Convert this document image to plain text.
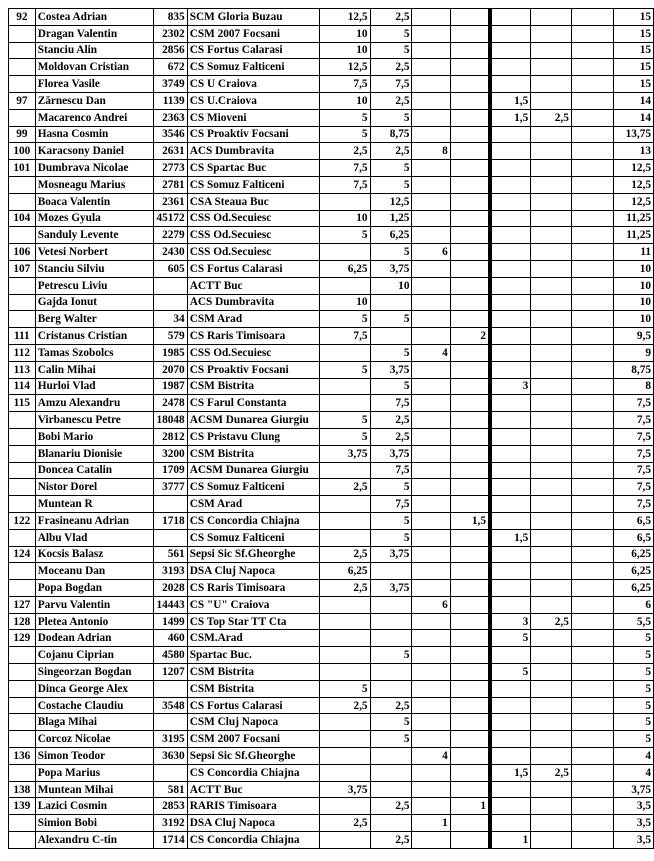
92	Costea Adrian	835	SCM Gloria Buzau	12,5	2,5						15
	Dragan Valentin	2302	CSM 2007 Focsani	10	5						15
	Stanciu Alin	2856	CS Fortus Calarasi	10	5						15
	Moldovan Cristian	672	CS Somuz Falticeni	12,5	2,5						15
	Florea Vasile	3749	CS U Craiova	7,5	7,5						15
97	Zărnescu Dan	1139	CS U.Craiova	10	2,5			1,5			14
	Macarenco Andrei	2363	CS Mioveni	5	5			1,5	2,5		14
99	Hasna Cosmin	3546	CS Proaktiv Focsani	5	8,75						13,75
100	Karacsony Daniel	2631	ACS Dumbravita	2,5	2,5	8					13
101	Dumbrava Nicolae	2773	CS Spartac Buc	7,5	5						12,5
	Mosneagu Marius	2781	CS Somuz Falticeni	7,5	5						12,5
	Boaca Valentin	2361	CSA Steaua Buc		12,5						12,5
104	Mozes Gyula	45172	CSS Od.Secuiesc	10	1,25						11,25
	Sanduly Levente	2279	CSS Od.Secuiesc	5	6,25						11,25
106	Vetesi Norbert	2430	CSS Od.Secuiesc		5	6					11
107	Stanciu Silviu	605	CS Fortus Calarasi	6,25	3,75						10
	Petrescu Liviu		ACTT Buc		10						10
	Gajda Ionut		ACS Dumbravita	10							10
	Berg Walter	34	CSM Arad	5	5						10
111	Cristanus Cristian	579	CS Raris Timisoara	7,5			2				9,5
112	Tamas Szobolcs	1985	CSS Od.Secuiesc		5	4					9
113	Calin Mihai	2070	CS Proaktiv Focsani	5	3,75						8,75
114	Hurloi Vlad	1987	CSM Bistrita		5			3			8
115	Amzu Alexandru	2478	CS Farul Constanta		7,5						7,5
	Virbanescu Petre	18048	ACSM Dunarea Giurgiu	5	2,5						7,5
	Bobi Mario	2812	CS Pristavu Clung	5	2,5						7,5
	Blanariu Dionisie	3200	CSM Bistrita	3,75	3,75						7,5
	Doncea Catalin	1709	ACSM Dunarea Giurgiu		7,5						7,5
	Nistor Dorel	3777	CS Somuz Falticeni	2,5	5						7,5
	Muntean R		CSM Arad		7,5						7,5
122	Frasineanu Adrian	1718	CS Concordia Chiajna		5		1,5				6,5
	Albu Vlad		CS Somuz Falticeni		5			1,5			6,5
124	Kocsis Balasz	561	Sepsi Sic Sf.Gheorghe	2,5	3,75						6,25
	Moceanu Dan	3193	DSA Cluj Napoca	6,25							6,25
	Popa Bogdan	2028	CS Raris Timisoara	2,5	3,75						6,25
127	Parvu Valentin	14443	CS "U" Craiova			6					6
128	Pletea Antonio	1499	CS Top Star TT Cta					3	2,5		5,5
129	Dodean Adrian	460	CSM.Arad					5			5
	Cojanu Ciprian	4580	Spartac Buc.		5						5
	Singeorzan Bogdan	1207	CSM Bistrita					5			5
	Dinca George Alex		CSM Bistrita	5							5
	Costache Claudiu	3548	CS Fortus Calarasi	2,5	2,5						5
	Blaga Mihai		CSM Cluj Napoca		5						5
	Corcoz Nicolae	3195	CSM 2007 Focsani		5						5
136	Simon Teodor	3630	Sepsi Sic Sf.Gheorghe			4					4
	Popa Marius		CS Concordia Chiajna					1,5	2,5		4
138	Muntean Mihai	581	ACTT Buc	3,75							3,75
139	Lazici Cosmin	2853	RARIS Timisoara		2,5		1				3,5
	Simion Bobi	3192	DSA Cluj Napoca	2,5		1					3,5
	Alexandru C-tin	1714	CS Concordia Chiajna		2,5			1			3,5
